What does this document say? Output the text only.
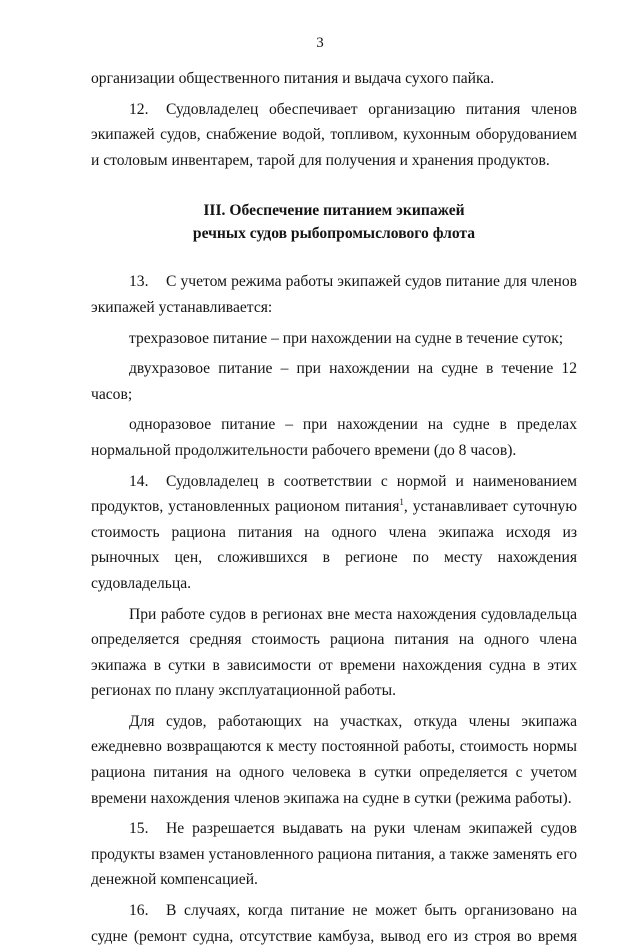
3

организации общественного питания и выдача сухого пайка.

12. Судовладелец обеспечивает организацию питания членов экипажей судов, снабжение водой, топливом, кухонным оборудованием и столовым инвентарем, тарой для получения и хранения продуктов.

III. Обеспечение питанием экипажей
речных судов рыбопромыслового флота

13. С учетом режима работы экипажей судов питание для членов экипажей устанавливается:

трехразовое питание – при нахождении на судне в течение суток;

двухразовое питание – при нахождении на судне в течение 12 часов;

одноразовое питание – при нахождении на судне в пределах нормальной продолжительности рабочего времени (до 8 часов).

14. Судовладелец в соответствии с нормой и наименованием продуктов, установленных рационом питания$^1$, устанавливает суточную стоимость рациона питания на одного члена экипажа исходя из рыночных цен, сложившихся в регионе по месту нахождения судовладельца.

При работе судов в регионах вне места нахождения судовладельца определяется средняя стоимость рациона питания на одного члена экипажа в сутки в зависимости от времени нахождения судна в этих регионах по плану эксплуатационной работы.

Для судов, работающих на участках, откуда члены экипажа ежедневно возвращаются к месту постоянной работы, стоимость нормы рациона питания на одного человека в сутки определяется с учетом времени нахождения членов экипажа на судне в сутки (режима работы).

15. Не разрешается выдавать на руки членам экипажей судов продукты взамен установленного рациона питания, а также заменять его денежной компенсацией.

16. В случаях, когда питание не может быть организовано на судне (ремонт судна, отсутствие камбуза, вывод его из строя во время
